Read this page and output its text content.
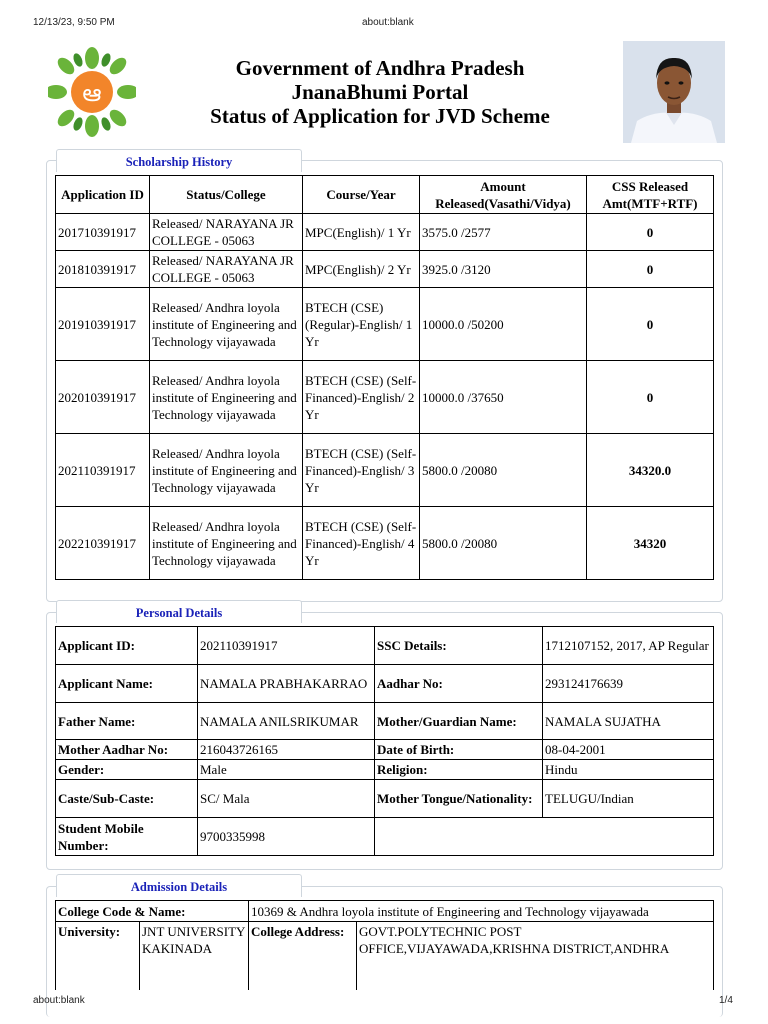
12/13/23, 9:50 PM	about:blank
ఆ
Government of Andhra Pradesh
JnanaBhumi Portal
Status of Application for JVD Scheme
Scholarship History
Application ID	Status/College	Course/Year	Amount Released(Vasathi/Vidya)	CSS Released Amt(MTF+RTF)
201710391917	Released/ NARAYANA JR COLLEGE - 05063	MPC(English)/ 1 Yr	3575.0 /2577	0
201810391917	Released/ NARAYANA JR COLLEGE - 05063	MPC(English)/ 2 Yr	3925.0 /3120	0
201910391917	Released/ Andhra loyola institute of Engineering and Technology vijayawada	BTECH (CSE) (Regular)-English/ 1 Yr	10000.0 /50200	0
202010391917	Released/ Andhra loyola institute of Engineering and Technology vijayawada	BTECH (CSE) (Self-Financed)-English/ 2 Yr	10000.0 /37650	0
202110391917	Released/ Andhra loyola institute of Engineering and Technology vijayawada	BTECH (CSE) (Self-Financed)-English/ 3 Yr	5800.0 /20080	34320.0
202210391917	Released/ Andhra loyola institute of Engineering and Technology vijayawada	BTECH (CSE) (Self-Financed)-English/ 4 Yr	5800.0 /20080	34320
Personal Details
Applicant ID:	202110391917	SSC Details:	1712107152, 2017, AP Regular
Applicant Name:	NAMALA PRABHAKARRAO	Aadhar No:	293124176639
Father Name:	NAMALA ANILSRIKUMAR	Mother/Guardian Name:	NAMALA SUJATHA
Mother Aadhar No:	216043726165	Date of Birth:	08-04-2001
Gender:	Male	Religion:	Hindu
Caste/Sub-Caste:	SC/ Mala	Mother Tongue/Nationality:	TELUGU/Indian
Student Mobile Number:	9700335998		
Admission Details
College Code & Name:		10369 & Andhra loyola institute of Engineering and Technology vijayawada	
University:	JNT UNIVERSITY KAKINADA	College Address:	GOVT.POLYTECHNIC POST OFFICE,VIJAYAWADA,KRISHNA DISTRICT,ANDHRA
about:blank	1/4
